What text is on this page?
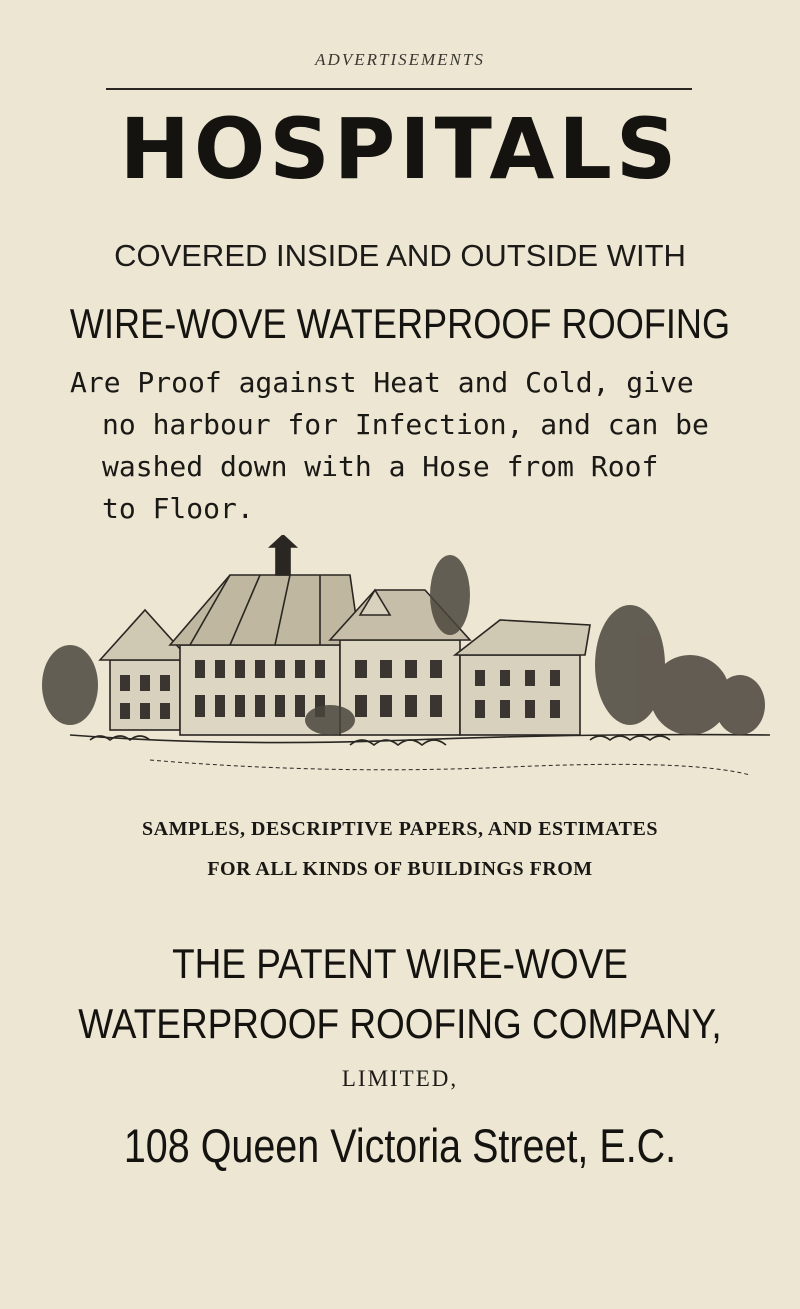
ADVERTISEMENTS
HOSPITALS
COVERED INSIDE AND OUTSIDE WITH
WIRE-WOVE WATERPROOF ROOFING
Are Proof against Heat and Cold, give
no harbour for Infection, and can be
washed down with a Hose from Roof
to Floor.
SAMPLES, DESCRIPTIVE PAPERS, AND ESTIMATES
FOR ALL KINDS OF BUILDINGS FROM
THE PATENT WIRE-WOVE
WATERPROOF ROOFING COMPANY,
LIMITED,
108 Queen Victoria Street, E.C.
